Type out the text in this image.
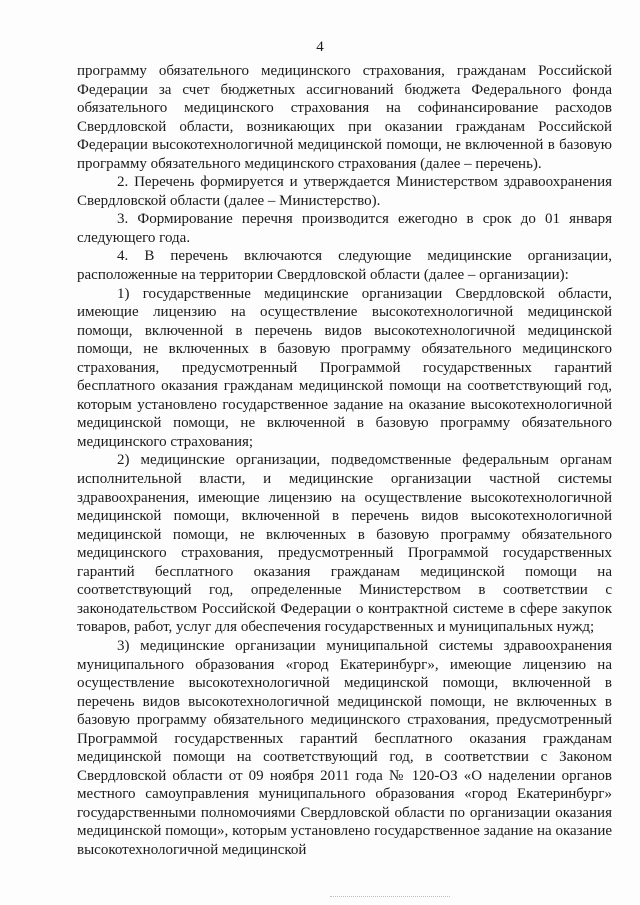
4

программу обязательного медицинского страхования, гражданам Российской Федерации за счет бюджетных ассигнований бюджета Федерального фонда обязательного медицинского страхования на софинансирование расходов Свердловской области, возникающих при оказании гражданам Российской Федерации высокотехнологичной медицинской помощи, не включенной в базовую программу обязательного медицинского страхования (далее – перечень).

2. Перечень формируется и утверждается Министерством здравоохранения Свердловской области (далее – Министерство).

3. Формирование перечня производится ежегодно в срок до 01 января следующего года.

4. В перечень включаются следующие медицинские организации, расположенные на территории Свердловской области (далее – организации):

1) государственные медицинские организации Свердловской области, имеющие лицензию на осуществление высокотехнологичной медицинской помощи, включенной в перечень видов высокотехнологичной медицинской помощи, не включенных в базовую программу обязательного медицинского страхования, предусмотренный Программой государственных гарантий бесплатного оказания гражданам медицинской помощи на соответствующий год, которым установлено государственное задание на оказание высокотехнологичной медицинской помощи, не включенной в базовую программу обязательного медицинского страхования;

2) медицинские организации, подведомственные федеральным органам исполнительной власти, и медицинские организации частной системы здравоохранения, имеющие лицензию на осуществление высокотехнологичной медицинской помощи, включенной в перечень видов высокотехнологичной медицинской помощи, не включенных в базовую программу обязательного медицинского страхования, предусмотренный Программой государственных гарантий бесплатного оказания гражданам медицинской помощи на соответствующий год, определенные Министерством в соответствии с законодательством Российской Федерации о контрактной системе в сфере закупок товаров, работ, услуг для обеспечения государственных и муниципальных нужд;

3) медицинские организации муниципальной системы здравоохранения муниципального образования «город Екатеринбург», имеющие лицензию на осуществление высокотехнологичной медицинской помощи, включенной в перечень видов высокотехнологичной медицинской помощи, не включенных в базовую программу обязательного медицинского страхования, предусмотренный Программой государственных гарантий бесплатного оказания гражданам медицинской помощи на соответствующий год, в соответствии с Законом Свердловской области от 09 ноября 2011 года № 120-ОЗ «О наделении органов местного самоуправления муниципального образования «город Екатеринбург» государственными полномочиями Свердловской области по организации оказания медицинской помощи», которым установлено государственное задание на оказание высокотехнологичной медицинской
